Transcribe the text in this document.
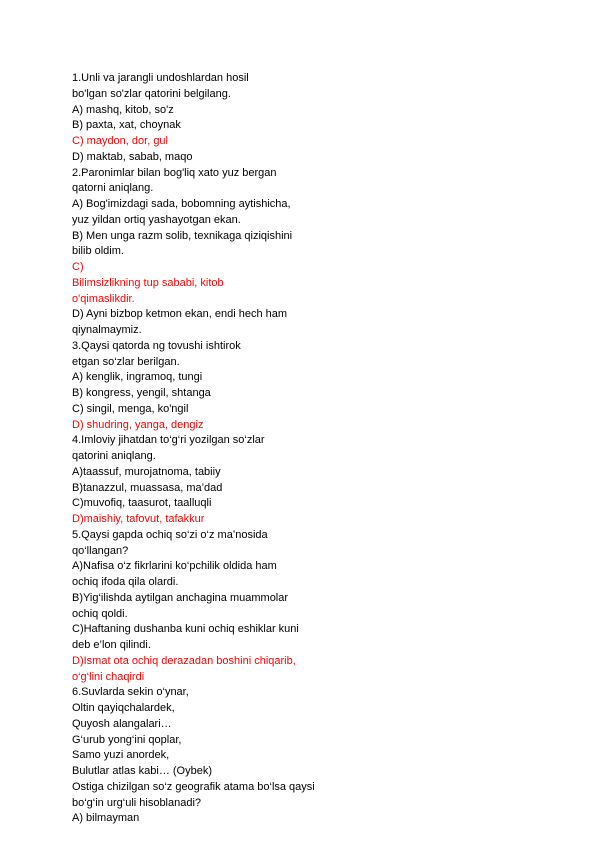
1.Unli va jarangli undoshlardan hosil
bo'lgan so'zlar qatorini belgilang.
A) mashq, kitob, so'z
B) paxta, xat, choynak
C) maydon, dor, gul
D) maktab, sabab, maqo
2.Paronimlar bilan bog'liq xato yuz bergan
qatorni aniqlang.
A) Bog'imizdagi sada, bobomning aytishicha,
yuz yildan ortiq yashayotgan ekan.
B) Men unga razm solib, texnikaga qiziqishini
bilib oldim.
C)
Bilimsizlikning tup sababi, kitob
o'qimaslikdir.
D) Ayni bizbop ketmon ekan, endi hech ham
qiynalmaymiz.
3.Qaysi qatorda ng tovushi ishtirok
etgan so‘zlar berilgan.
A) kenglik, ingramoq, tungi
B) kongress, yengil, shtanga
C) singil, menga, ko'ngil
D) shudring, yanga, dengiz
4.Imloviy jihatdan to‘g‘ri yozilgan so‘zlar
qatorini aniqlang.
A)taassuf, murojatnoma, tabiiy
B)tanazzul, muassasa, ma’dad
C)muvofiq, taasurot, taalluqli
D)maishiy, tafovut, tafakkur
5.Qaysi gapda ochiq so‘zi o‘z ma’nosida
qo‘llangan?
A)Nafisa o‘z fikrlarini ko‘pchilik oldida ham
ochiq ifoda qila olardi.
B)Yig‘ilishda aytilgan anchagina muammolar
ochiq qoldi.
C)Haftaning dushanba kuni ochiq eshiklar kuni
deb e’lon qilindi.
D)Ismat ota ochiq derazadan boshini chiqarib,
o‘g‘lini chaqirdi
6.Suvlarda sekin o‘ynar,
Oltin qayiqchalardek,
Quyosh alangalari…
G‘urub yong‘ini qoplar,
Samo yuzi anordek,
Bulutlar atlas kabi… (Oybek)
Ostiga chizilgan so‘z geografik atama bo‘lsa qaysi
bo‘g‘in urg‘uli hisoblanadi?
A) bilmayman
